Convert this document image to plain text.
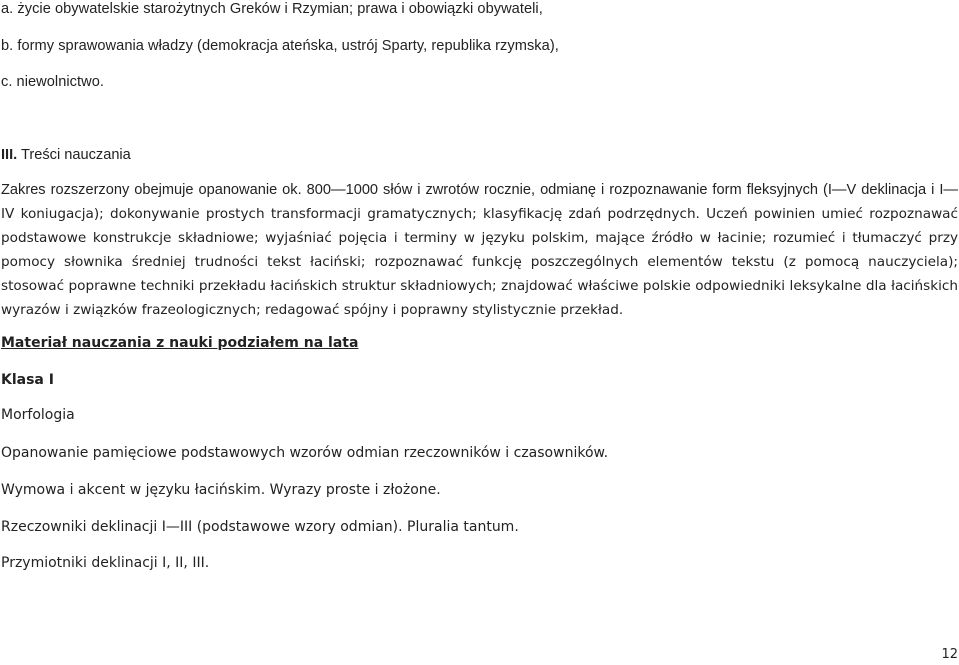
a. życie obywatelskie starożytnych Greków i Rzymian; prawa i obowiązki obywateli,
b. formy sprawowania władzy (demokracja ateńska, ustrój Sparty, republika rzymska),
c. niewolnictwo.
III. Treści nauczania
Zakres rozszerzony obejmuje opanowanie ok. 800—1000 słów i zwrotów rocznie, odmianę i rozpoznawanie form fleksyjnych (I—V deklinacja i I— IV koniugacja); dokonywanie prostych transformacji gramatycznych; klasyfikację zdań podrzędnych. Uczeń powinien umieć rozpoznawać podstawowe konstrukcje składniowe; wyjaśniać pojęcia i terminy w języku polskim, mające źródło w łacinie; rozumieć i tłumaczyć przy pomocy słownika średniej trudności tekst łaciński; rozpoznawać funkcję poszczególnych elementów tekstu (z pomocą nauczyciela); stosować poprawne techniki przekładu łacińskich struktur składniowych; znajdować właściwe polskie odpowiedniki leksykalne dla łacińskich wyrazów i związków frazeologicznych; redagować spójny i poprawny stylistycznie przekład.
Materiał nauczania z nauki podziałem na lata
Klasa I
Morfologia
Opanowanie pamięciowe podstawowych wzorów odmian rzeczowników i czasowników.
Wymowa i akcent w języku łacińskim. Wyrazy proste i złożone.
Rzeczowniki deklinacji I—III (podstawowe wzory odmian). Pluralia tantum.
Przymiotniki deklinacji I, II, III.
12
